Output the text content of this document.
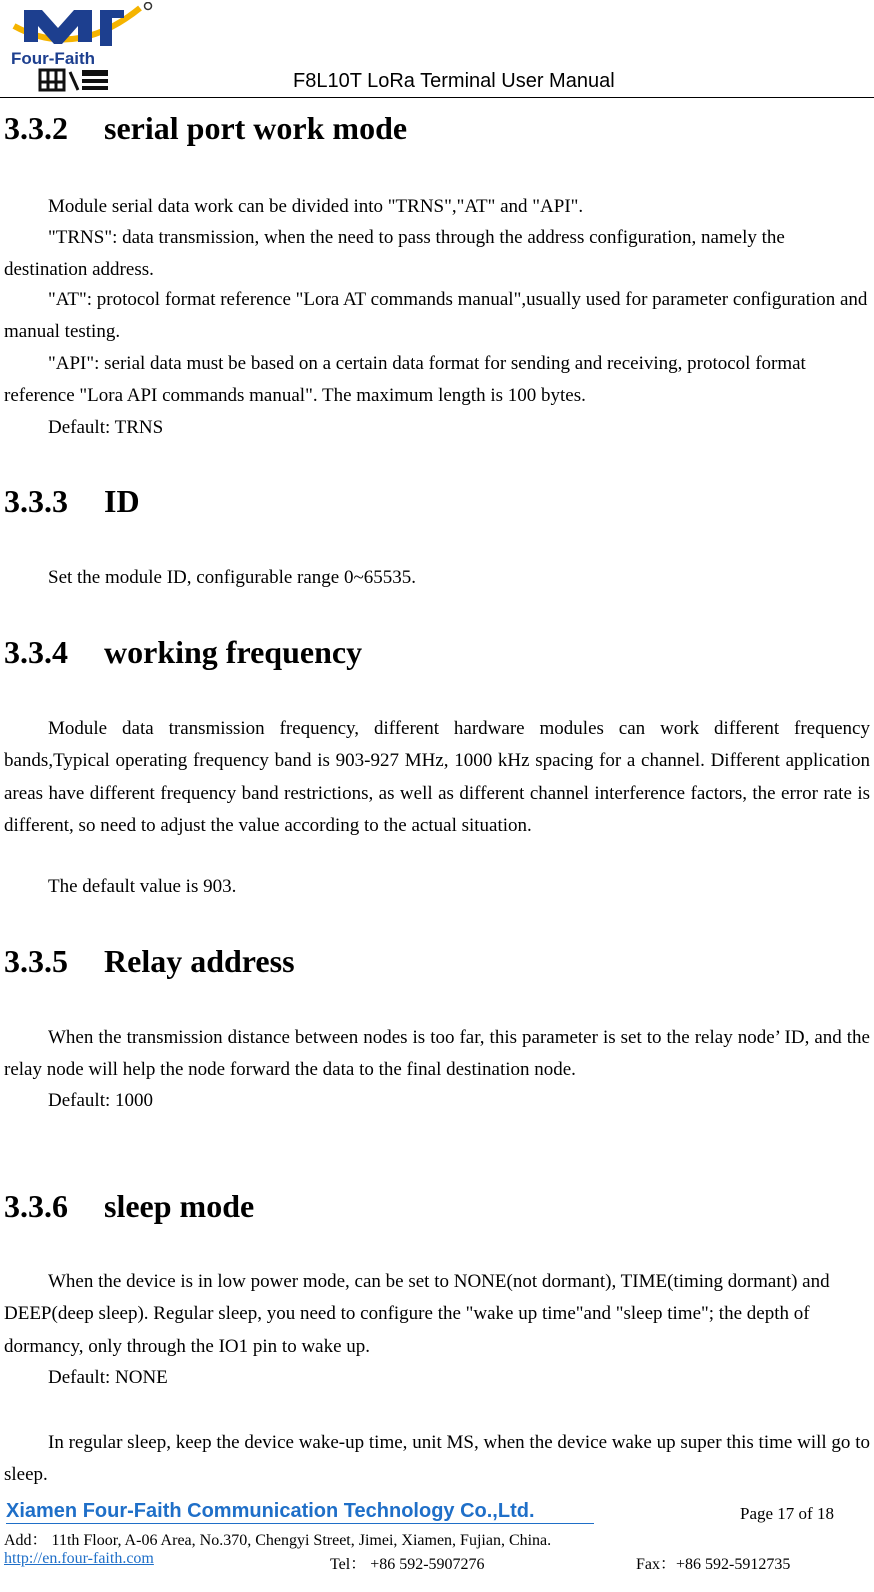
Four-Faith
F8L10T LoRa Terminal User Manual
3.3.2 serial port work mode
Module serial data work can be divided into "TRNS","AT" and "API".
"TRNS": data transmission, when the need to pass through the address configuration, namely the destination address.
"AT": protocol format reference "Lora AT commands manual",usually used for parameter configuration and manual testing.
"API": serial data must be based on a certain data format for sending and receiving, protocol format reference "Lora API commands manual". The maximum length is 100 bytes.
Default: TRNS
3.3.3 ID
Set the module ID, configurable range 0~65535.
3.3.4 working frequency
Module data transmission frequency, different hardware modules can work different frequency bands,Typical operating frequency band is 903-927 MHz, 1000 kHz spacing for a channel. Different application areas have different frequency band restrictions, as well as different channel interference factors, the error rate is different, so need to adjust the value according to the actual situation.
The default value is 903.
3.3.5 Relay address
When the transmission distance between nodes is too far, this parameter is set to the relay node’ ID, and the relay node will help the node forward the data to the final destination node.
Default: 1000
3.3.6 sleep mode
When the device is in low power mode, can be set to NONE(not dormant), TIME(timing dormant) and DEEP(deep sleep). Regular sleep, you need to configure the "wake up time"and "sleep time"; the depth of dormancy, only through the IO1 pin to wake up.
Default: NONE
In regular sleep, keep the device wake-up time, unit MS, when the device wake up super this time will go to sleep.
Xiamen Four-Faith Communication Technology Co.,Ltd.	Page 17 of 18
Add： 11th Floor, A-06 Area, No.370, Chengyi Street, Jimei, Xiamen, Fujian, China.
http://en.four-faith.com	Tel： +86 592-5907276	Fax：+86 592-5912735
